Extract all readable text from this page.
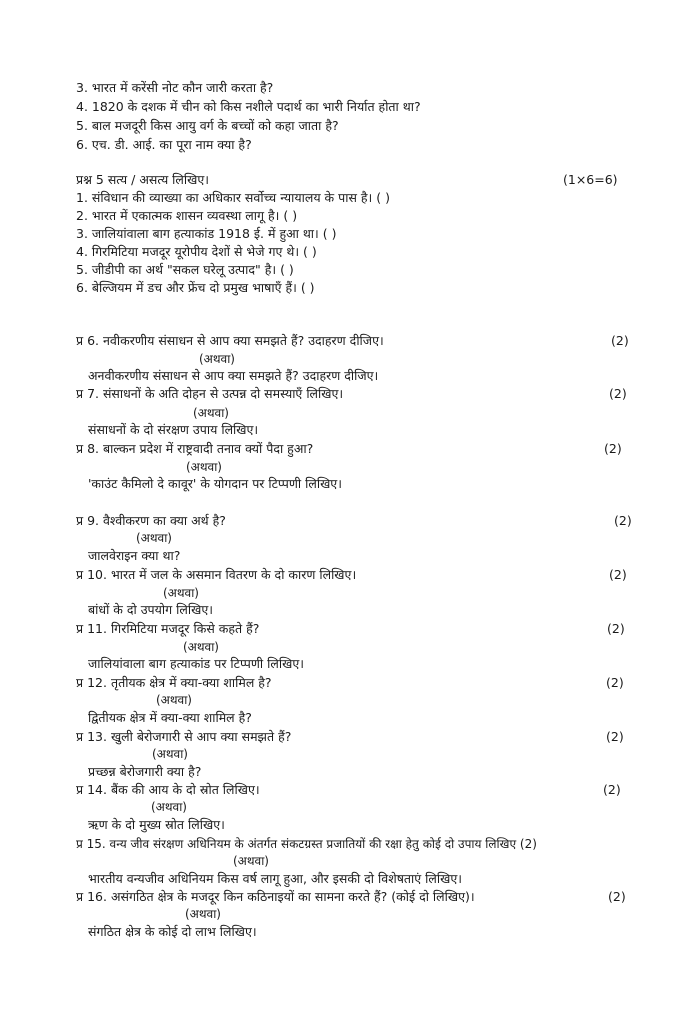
3. भारत में करेंसी नोट कौन जारी करता है?
4. 1820 के दशक में चीन को किस नशीले पदार्थ का भारी निर्यात होता था?
5. बाल मजदूरी किस आयु वर्ग के बच्चों को कहा जाता है?
6. एच. डी. आई. का पूरा नाम क्या है?
प्रश्न 5 सत्य / असत्य लिखिए।	(1×6=6)
1. संविधान की व्याख्या का अधिकार सर्वोच्च न्यायालय के पास है। ( )
2. भारत में एकात्मक शासन व्यवस्था लागू है। ( )
3. जालियांवाला बाग हत्याकांड 1918 ई. में हुआ था। ( )
4. गिरमिटिया मजदूर यूरोपीय देशों से भेजे गए थे। ( )
5. जीडीपी का अर्थ "सकल घरेलू उत्पाद" है। ( )
6. बेल्जियम में डच और फ्रेंच दो प्रमुख भाषाएँ हैं। ( )
प्र 6. नवीकरणीय संसाधन से आप क्या समझते हैं? उदाहरण दीजिए।	(2)
(अथवा)
अनवीकरणीय संसाधन से आप क्या समझते हैं? उदाहरण दीजिए।
प्र 7. संसाधनों के अति दोहन से उत्पन्न दो समस्याएँ लिखिए।	(2)
(अथवा)
संसाधनों के दो संरक्षण उपाय लिखिए।
प्र 8. बाल्कन प्रदेश में राष्ट्रवादी तनाव क्यों पैदा हुआ?	(2)
(अथवा)
'काउंट कैमिलो दे कावूर' के योगदान पर टिप्पणी लिखिए।
प्र 9. वैश्वीकरण का क्या अर्थ है?	(2)
(अथवा)
जालवेराइन क्या था?
प्र 10. भारत में जल के असमान वितरण के दो कारण लिखिए।	(2)
(अथवा)
बांधों के दो उपयोग लिखिए।
प्र 11. गिरमिटिया मजदूर किसे कहते हैं?	(2)
(अथवा)
जालियांवाला बाग हत्याकांड पर टिप्पणी लिखिए।
प्र 12. तृतीयक क्षेत्र में क्या-क्या शामिल है?	(2)
(अथवा)
द्वितीयक क्षेत्र में क्या-क्या शामिल है?
प्र 13. खुली बेरोजगारी से आप क्या समझते हैं?	(2)
(अथवा)
प्रच्छन्न बेरोजगारी क्या है?
प्र 14. बैंक की आय के दो स्रोत लिखिए।	(2)
(अथवा)
ऋण के दो मुख्य स्रोत लिखिए।
प्र 15. वन्य जीव संरक्षण अधिनियम के अंतर्गत संकटग्रस्त प्रजातियों की रक्षा हेतु कोई दो उपाय लिखिए (2)
(अथवा)
भारतीय वन्यजीव अधिनियम किस वर्ष लागू हुआ, और इसकी दो विशेषताएं लिखिए।
प्र 16. असंगठित क्षेत्र के मजदूर किन कठिनाइयों का सामना करते हैं? (कोई दो लिखिए)।	(2)
(अथवा)
संगठित क्षेत्र के कोई दो लाभ लिखिए।
